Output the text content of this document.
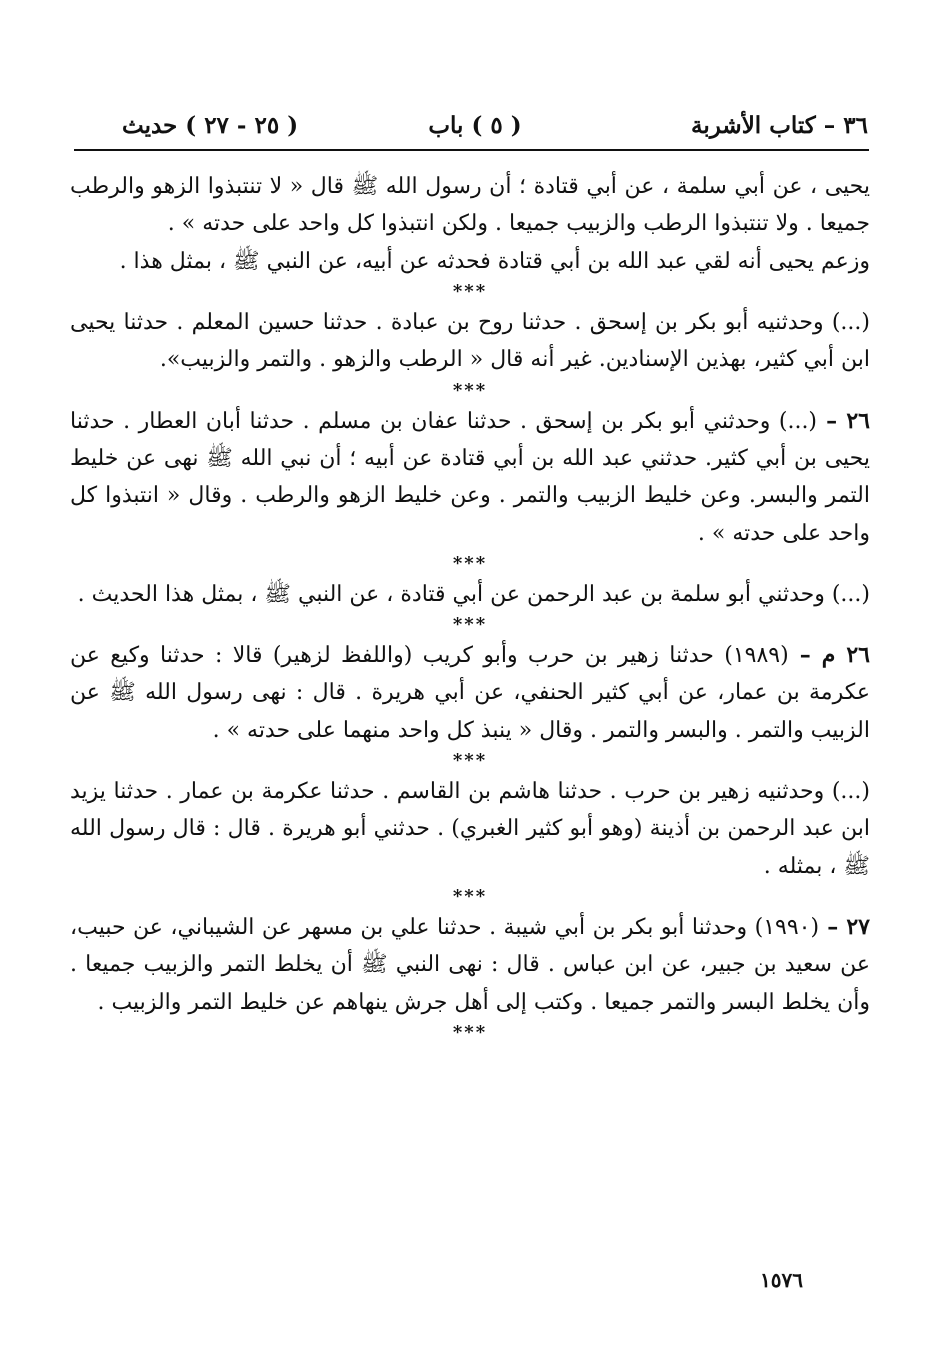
٣٦ – كتاب الأشربة
( ٥ ) باب
( ٢٥ - ٢٧ ) حديث

يحيى ، عن أبي سلمة ، عن أبي قتادة ؛ أن رسول الله ﷺ قال « لا تنتبذوا الزهو والرطب جميعا . ولا تنتبذوا الرطب والزبيب جميعا . ولكن انتبذوا كل واحد على حدته » .

وزعم يحيى أنه لقي عبد الله بن أبي قتادة فحدثه عن أبيه، عن النبي ﷺ ، بمثل هذا .

***

(...) وحدثنيه أبو بكر بن إسحق . حدثنا روح بن عبادة . حدثنا حسين المعلم . حدثنا يحيى ابن أبي كثير، بهذين الإسنادين. غير أنه قال « الرطب والزهو . والتمر والزبيب».

***

٢٦ – (...) وحدثني أبو بكر بن إسحق . حدثنا عفان بن مسلم . حدثنا أبان العطار . حدثنا يحيى بن أبي كثير. حدثني عبد الله بن أبي قتادة عن أبيه ؛ أن نبي الله ﷺ نهى عن خليط التمر والبسر. وعن خليط الزبيب والتمر . وعن خليط الزهو والرطب . وقال « انتبذوا كل واحد على حدته » .

***

(...) وحدثني أبو سلمة بن عبد الرحمن عن أبي قتادة ، عن النبي ﷺ ، بمثل هذا الحديث .

***

٢٦ م – (١٩٨٩) حدثنا زهير بن حرب وأبو كريب (واللفظ لزهير) قالا : حدثنا وكيع عن عكرمة بن عمار، عن أبي كثير الحنفي، عن أبي هريرة . قال : نهى رسول الله ﷺ عن الزبيب والتمر . والبسر والتمر . وقال « ينبذ كل واحد منهما على حدته » .

***

(...) وحدثنيه زهير بن حرب . حدثنا هاشم بن القاسم . حدثنا عكرمة بن عمار . حدثنا يزيد ابن عبد الرحمن بن أذينة (وهو أبو كثير الغبري) . حدثني أبو هريرة . قال : قال رسول الله ﷺ ، بمثله .

***

٢٧ – (١٩٩٠) وحدثنا أبو بكر بن أبي شيبة . حدثنا علي بن مسهر عن الشيباني، عن حبيب، عن سعيد بن جبير، عن ابن عباس . قال : نهى النبي ﷺ أن يخلط التمر والزبيب جميعا . وأن يخلط البسر والتمر جميعا . وكتب إلى أهل جرش ينهاهم عن خليط التمر والزبيب .

***
١٥٧٦
